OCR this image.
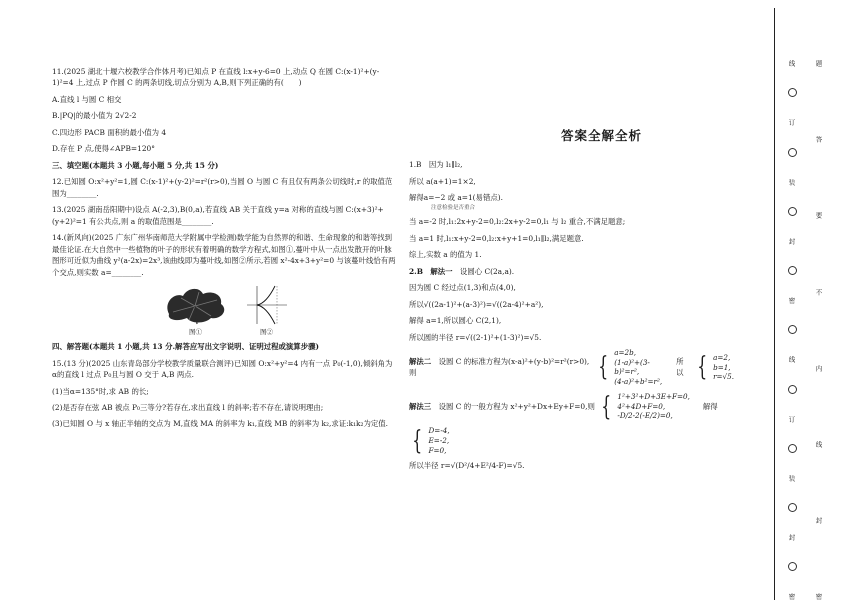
11.(2025 湖北十堰六校教学合作体月考)已知点 P 在直线 l:x+y-6=0 上,动点 Q 在圆 C:(x-1)²+(y-1)²=4 上,过点 P 作圆 C 的两条切线,切点分别为 A,B,则下列正确的有(　　)

A.直线 l 与圆 C 相交

B.|PQ|的最小值为 2√2-2

C.四边形 PACB 面积的最小值为 4

D.存在 P 点,使得∠APB=120°

三、填空题(本题共 3 小题,每小题 5 分,共 15 分)

12.已知圆 O:x²+y²=1,圆 C:(x-1)²+(y-2)²=r²(r>0),当圆 O 与圆 C 有且仅有两条公切线时,r 的取值范围为________.

13.(2025 湖南岳阳期中)设点 A(-2,3),B(0,a),若直线 AB 关于直线 y=a 对称的直线与圆 C:(x+3)²+(y+2)²=1 有公共点,则 a 的取值范围是________.

14.(新风向)(2025 广东广州华南师范大学附属中学检测)数学能为自然界的和谐、生命现象的和谐等找到最佳论证.在大自然中一些植物的叶子的形状有着明确的数学方程式,如图①,蔓叶中从一点出发散开的叶脉图形可近似为曲线 y²(a-2x)=2x³,该曲线即为蔓叶线,如图②所示,若圆 x²-4x+3+y²=0 与该蔓叶线恰有两个交点,则实数 a=________.

图①	图②

四、解答题(本题共 1 小题,共 13 分.解答应写出文字说明、证明过程或演算步骤)

15.(13 分)(2025 山东青岛部分学校教学质量联合测评)已知圆 O:x²+y²=4 内有一点 P₀(-1,0),倾斜角为α的直线 l 过点 P₀且与圆 O 交于 A,B 两点.

(1)当α=135°时,求 AB 的长;

(2)是否存在弦 AB 被点 P₀三等分?若存在,求出直线 l 的斜率;若不存在,请说明理由;

(3)已知圆 O 与 x 轴正半轴的交点为 M,直线 MA 的斜率为 k₁,直线 MB 的斜率为 k₂,求证:k₁k₂为定值.

答案全解全析

1.B　因为 l₁∥l₂,

所以 a(a+1)=1×2,

解得a=−2 或 a=1(易错点).

注意检验是否重合

当 a=-2 时,l₁:2x+y-2=0,l₂:2x+y-2=0,l₁ 与 l₂ 重合,不满足题意;

当 a=1 时,l₁:x+y-2=0,l₂:x+y+1=0,l₁∥l₂,满足题意.

综上,实数 a 的值为 1.

2.B　解法一　设圆心 C(2a,a).

因为圆 C 经过点(1,3)和点(4,0),

所以√((2a-1)²+(a-3)²)=√((2a-4)²+a²),

解得 a=1,所以圆心 C(2,1),

所以圆的半径 r=√((2-1)²+(1-3)²)=√5.

解法二　设圆 C 的标准方程为(x-a)²+(y-b)²=r²(r>0),则	{ a=2b,
(1-a)²+(3-b)²=r²,
(4-a)²+b²=r²,
所以 { a=2,
b=1,
r=√5.
解法三　设圆 C 的一般方程为 x²+y²+Dx+Ey+F=0,则 { 1²+3²+D+3E+F=0,
4²+4D+F=0,
-D/2-2(-E/2)=0,
解得
{ D=-4,
E=-2,
F=0,

所以半径 r=√(D²/4+E²/4-F)=√5.

线
订
装
封
密
线
订
装
封
密
题
答
要
不
内
线
封
密
